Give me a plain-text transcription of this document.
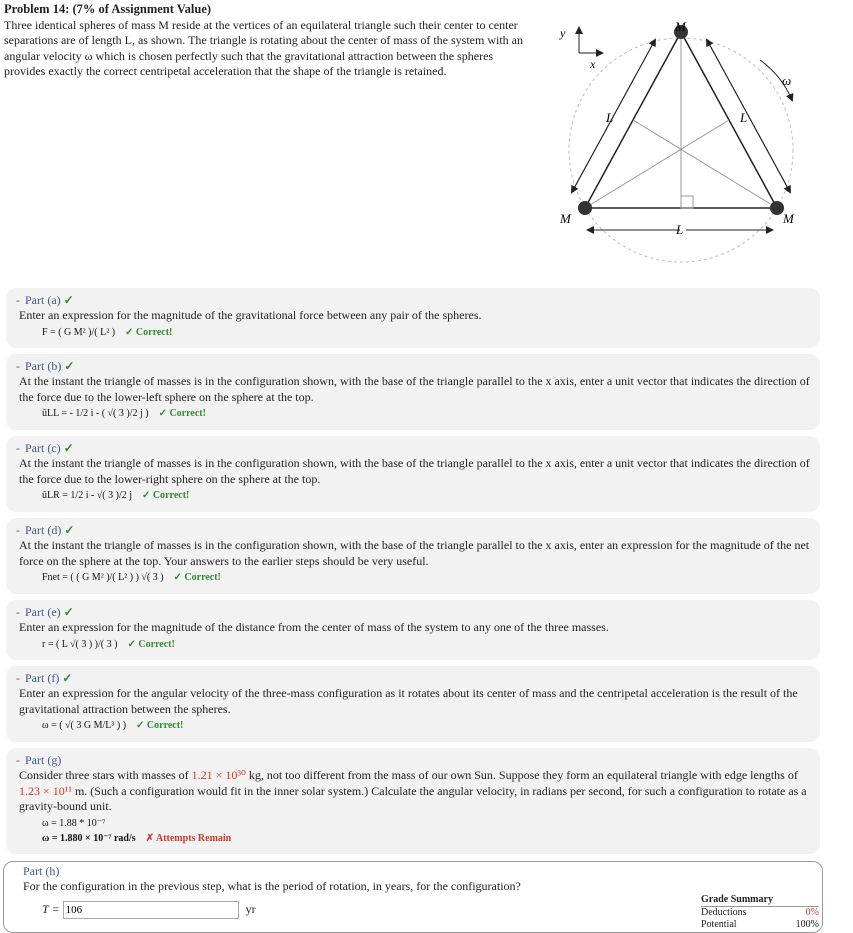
Problem 14: (7% of Assignment Value)
Three identical spheres of mass M reside at the vertices of an equilateral triangle such their center to center separations are of length L, as shown. The triangle is rotating about the center of mass of the system with an angular velocity ω which is chosen perfectly such that the gravitational attraction between the spheres provides exactly the correct centripetal acceleration that the shape of the triangle is retained.
y
x
M
M	M
L	L
L
ω
- Part (a) ✓
Enter an expression for the magnitude of the gravitational force between any pair of the spheres.
F = ( G M² )/( L² ) ✓ Correct!
- Part (b) ✓
At the instant the triangle of masses is in the configuration shown, with the base of the triangle parallel to the x axis, enter a unit vector that indicates the direction of the force due to the lower-left sphere on the sphere at the top.
ûLL = - 1/2 i - ( √( 3 )/2 j ) ✓ Correct!
- Part (c) ✓
At the instant the triangle of masses is in the configuration shown, with the base of the triangle parallel to the x axis, enter a unit vector that indicates the direction of the force due to the lower-right sphere on the sphere at the top.
ûLR = 1/2 i - √( 3 )/2 j ✓ Correct!
- Part (d) ✓
At the instant the triangle of masses is in the configuration shown, with the base of the triangle parallel to the x axis, enter an expression for the magnitude of the net force on the sphere at the top. Your answers to the earlier steps should be very useful.
Fnet = ( ( G M² )/( L² ) ) √( 3 ) ✓ Correct!
- Part (e) ✓
Enter an expression for the magnitude of the distance from the center of mass of the system to any one of the three masses.
r = ( L √( 3 ) )/( 3 ) ✓ Correct!
- Part (f) ✓
Enter an expression for the angular velocity of the three-mass configuration as it rotates about its center of mass and the centripetal acceleration is the result of the gravitational attraction between the spheres.
ω = ( √( 3 G M/L³ ) ) ✓ Correct!
- Part (g)
Consider three stars with masses of 1.21 × 10³⁰ kg, not too different from the mass of our own Sun. Suppose they form an equilateral triangle with edge lengths of 1.23 × 10¹¹ m. (Such a configuration would fit in the inner solar system.) Calculate the angular velocity, in radians per second, for such a configuration to rotate as a gravity-bound unit.
ω = 1.88 * 10⁻⁷
ω = 1.880 × 10⁻⁷ rad/s ✗ Attempts Remain
Part (h)
For the configuration in the previous step, what is the period of rotation, in years, for the configuration?
T = 106	yr
Grade Summary
Deductions	0%
Potential	100%
